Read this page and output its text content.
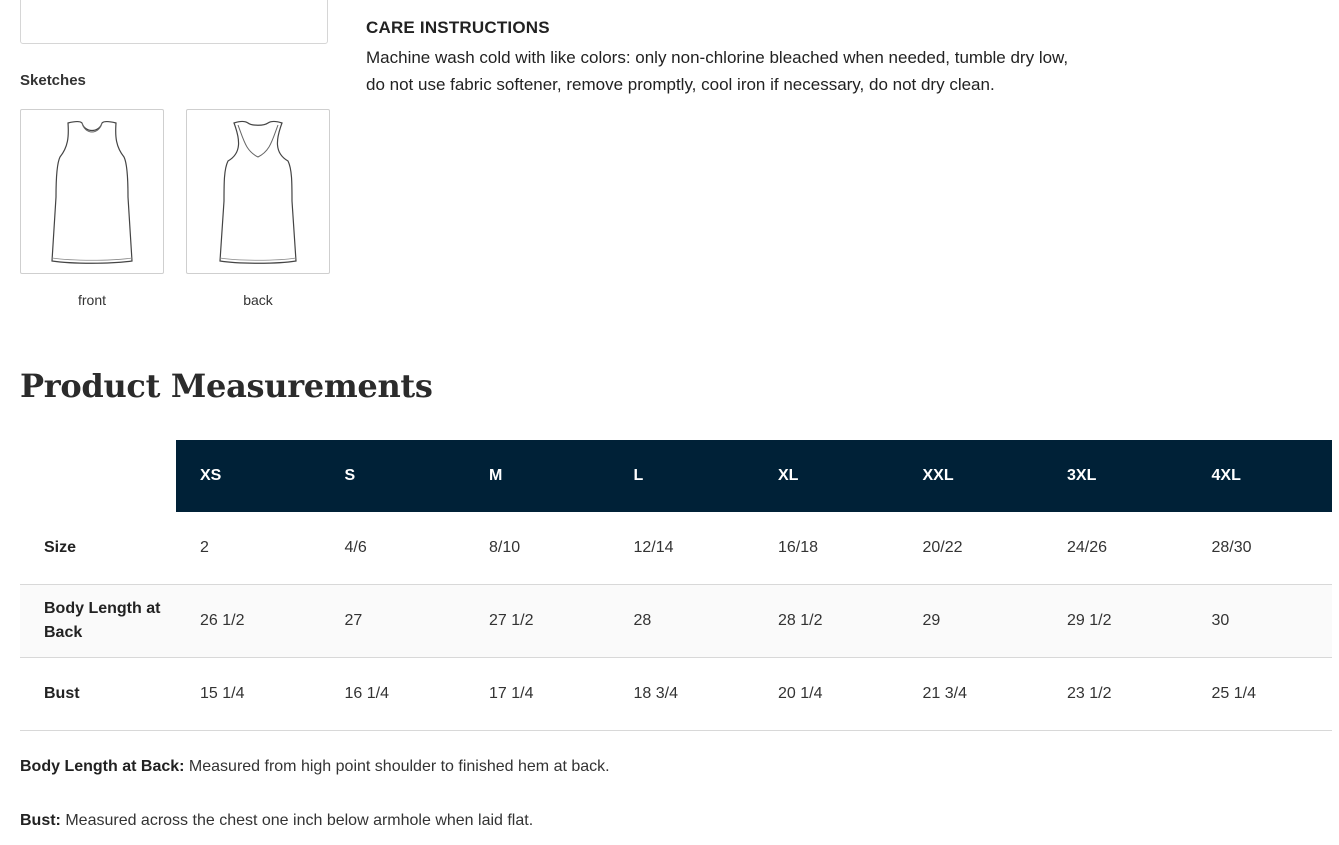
Sketches
front	back

CARE INSTRUCTIONS

Machine wash cold with like colors: only non-chlorine bleached when needed, tumble dry low, do not use fabric softener, remove promptly, cool iron if necessary, do not dry clean.

Product Measurements
	XS	S	M	L	XL	XXL	3XL	4XL
Size	2	4/6	8/10	12/14	16/18	20/22	24/26	28/30
Body Length at Back	26 1/2	27	27 1/2	28	28 1/2	29	29 1/2	30
Bust	15 1/4	16 1/4	17 1/4	18 3/4	20 1/4	21 3/4	23 1/2	25 1/4

Body Length at Back: Measured from high point shoulder to finished hem at back.

Bust: Measured across the chest one inch below armhole when laid flat.
